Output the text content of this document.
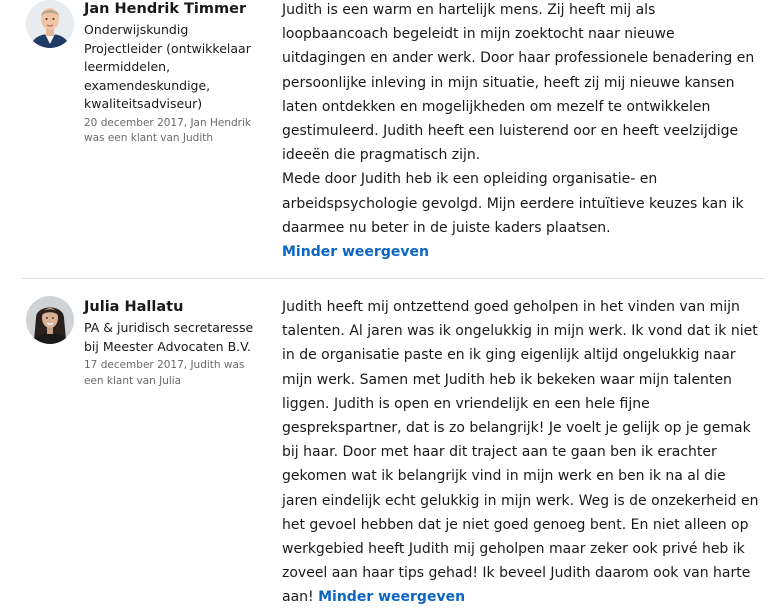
Jan Hendrik Timmer
Onderwijskundig Projectleider (ontwikkelaar leermiddelen, examendeskundige, kwaliteitsadviseur)
20 december 2017, Jan Hendrik was een klant van Judith

Judith is een warm en hartelijk mens. Zij heeft mij als loopbaancoach begeleidt in mijn zoektocht naar nieuwe uitdagingen en ander werk. Door haar professionele benadering en persoonlijke inleving in mijn situatie, heeft zij mij nieuwe kansen laten ontdekken en mogelijkheden om mezelf te ontwikkelen gestimuleerd. Judith heeft een luisterend oor en heeft veelzijdige ideeën die pragmatisch zijn.

Mede door Judith heb ik een opleiding organisatie- en arbeidspsychologie gevolgd. Mijn eerdere intuïtieve keuzes kan ik daarmee nu beter in de juiste kaders plaatsen.

Minder weergeven
Julia Hallatu
PA & juridisch secretaresse bij Meester Advocaten B.V.
17 december 2017, Judith was een klant van Julia

Judith heeft mij ontzettend goed geholpen in het vinden van mijn talenten. Al jaren was ik ongelukkig in mijn werk. Ik vond dat ik niet in de organisatie paste en ik ging eigenlijk altijd ongelukkig naar mijn werk. Samen met Judith heb ik bekeken waar mijn talenten liggen. Judith is open en vriendelijk en een hele fijne gesprekspartner, dat is zo belangrijk! Je voelt je gelijk op je gemak bij haar. Door met haar dit traject aan te gaan ben ik erachter gekomen wat ik belangrijk vind in mijn werk en ben ik na al die jaren eindelijk echt gelukkig in mijn werk. Weg is de onzekerheid en het gevoel hebben dat je niet goed genoeg bent. En niet alleen op werkgebied heeft Judith mij geholpen maar zeker ook privé heb ik zoveel aan haar tips gehad! Ik beveel Judith daarom ook van harte aan! Minder weergeven
